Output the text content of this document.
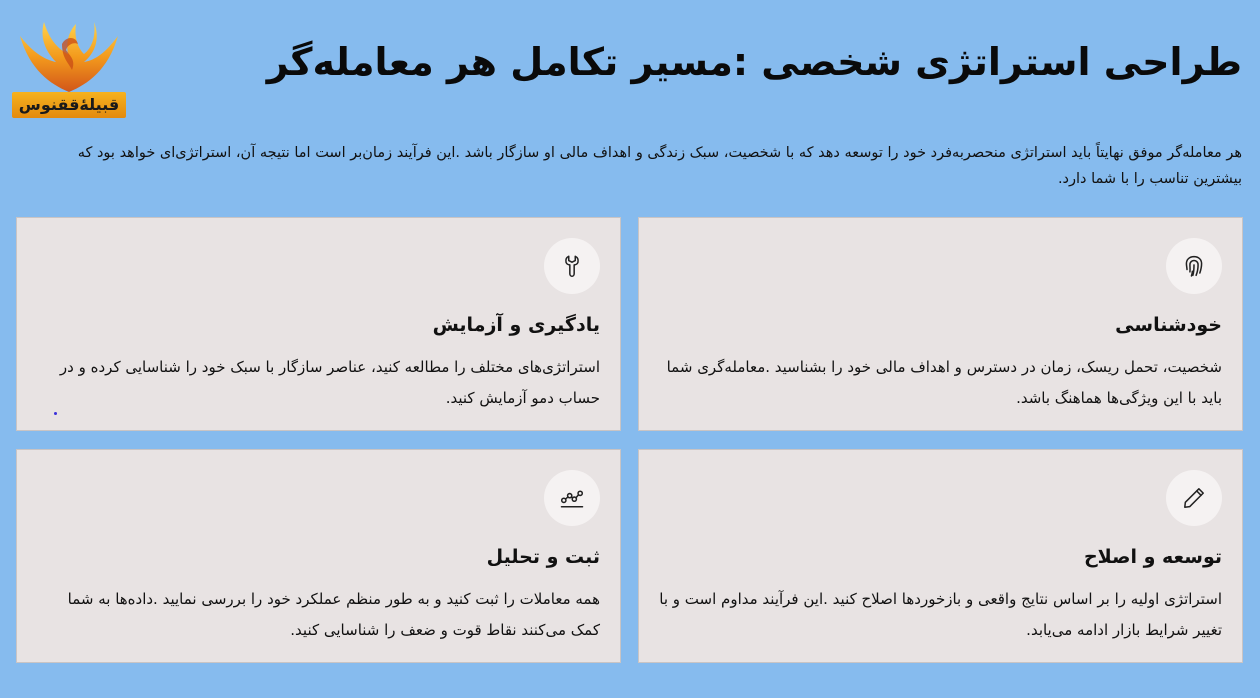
قبیلهٔ‌ققنوس
طراحی استراتژی شخصی :مسیر تکامل هر معامله‌گر

هر معامله‌گر موفق نهایتاً باید استراتژی منحصربه‌فرد خود را توسعه دهد که با شخصیت، سبک زندگی و اهداف مالی او سازگار باشد .این فرآیند زمان‌بر است اما نتیجه آن، استراتژی‌ای خواهد بود که بیشترین تناسب را با شما دارد.

خودشناسی
شخصیت، تحمل ریسک، زمان در دسترس و اهداف مالی خود را بشناسید .معامله‌گری شما باید با این ویژگی‌ها هماهنگ باشد.
یادگیری و آزمایش
استراتژی‌های مختلف را مطالعه کنید، عناصر سازگار با سبک خود را شناسایی کرده و در حساب دمو آزمایش کنید.
توسعه و اصلاح
استراتژی اولیه را بر اساس نتایج واقعی و بازخوردها اصلاح کنید .این فرآیند مداوم است و با تغییر شرایط بازار ادامه می‌یابد.
ثبت و تحلیل
همه معاملات را ثبت کنید و به طور منظم عملکرد خود را بررسی نمایید .داده‌ها به شما کمک می‌کنند نقاط قوت و ضعف را شناسایی کنید.
